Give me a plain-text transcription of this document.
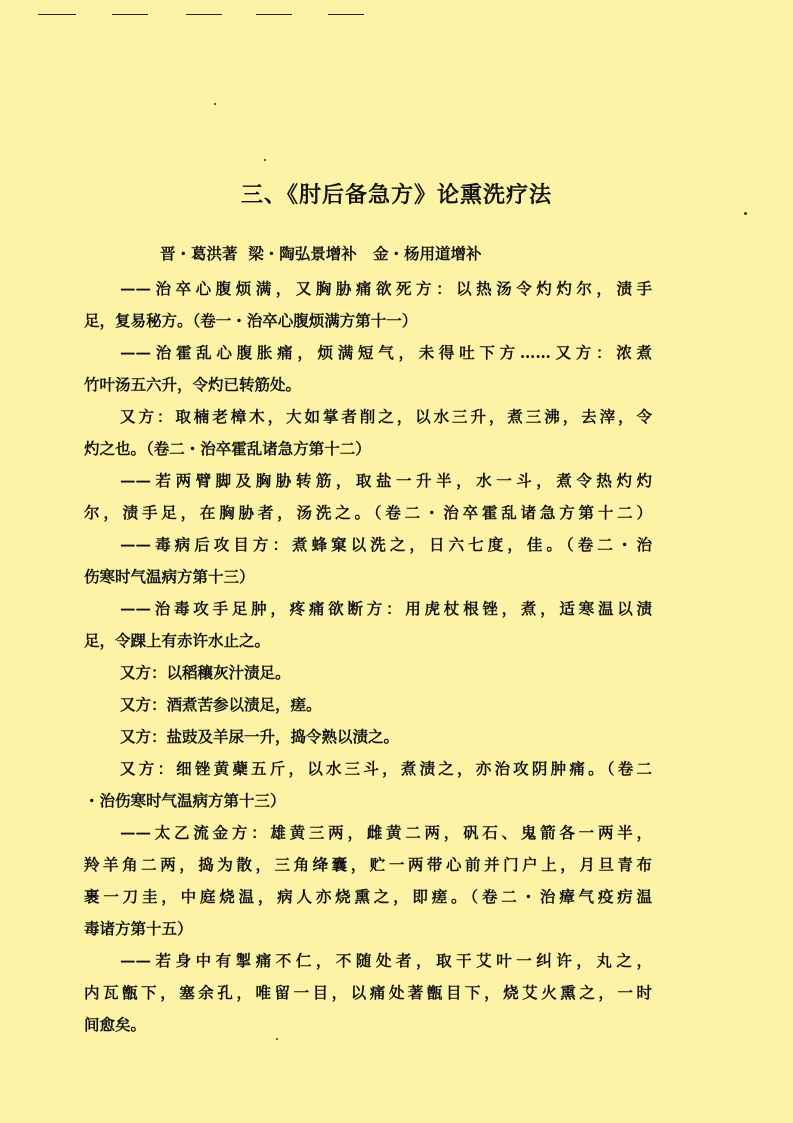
三、《肘后备急方》论熏洗疗法
晋・葛洪著  梁・陶弘景增补   金・杨用道增补
——治卒心腹烦满，又胸胁痛欲死方：以热汤令灼灼尔，渍手
足，复易秘方。（卷一・治卒心腹烦满方第十一）
——治霍乱心腹胀痛，烦满短气，未得吐下方……又方：浓煮
竹叶汤五六升，令灼已转筋处。
又方：取楠老樟木，大如掌者削之，以水三升，煮三沸，去滓，令
灼之也。（卷二・治卒霍乱诸急方第十二）
——若两臂脚及胸胁转筋，取盐一升半，水一斗，煮令热灼灼
尔，渍手足，在胸胁者，汤洗之。（卷二・治卒霍乱诸急方第十二）
——毒病后攻目方：煮蜂窠以洗之，日六七度，佳。（卷二・治
伤寒时气温病方第十三）
——治毒攻手足肿，疼痛欲断方：用虎杖根锉，煮，适寒温以渍
足，令踝上有赤许水止之。
又方：以稻穰灰汁渍足。
又方：酒煮苦参以渍足，瘥。
又方：盐豉及羊尿一升，捣令熟以渍之。
又方：细锉黄蘗五斤，以水三斗，煮渍之，亦治攻阴肿痛。（卷二
・治伤寒时气温病方第十三）
——太乙流金方：雄黄三两，雌黄二两，矾石、鬼箭各一两半，
羚羊角二两，捣为散，三角绛囊，贮一两带心前并门户上，月旦青布
裹一刀圭，中庭烧温，病人亦烧熏之，即瘥。（卷二・治瘴气疫疠温
毒诸方第十五）
——若身中有掣痛不仁，不随处者，取干艾叶一纠许，丸之，
内瓦甑下，塞余孔，唯留一目，以痛处著甑目下，烧艾火熏之，一时
间愈矣。
